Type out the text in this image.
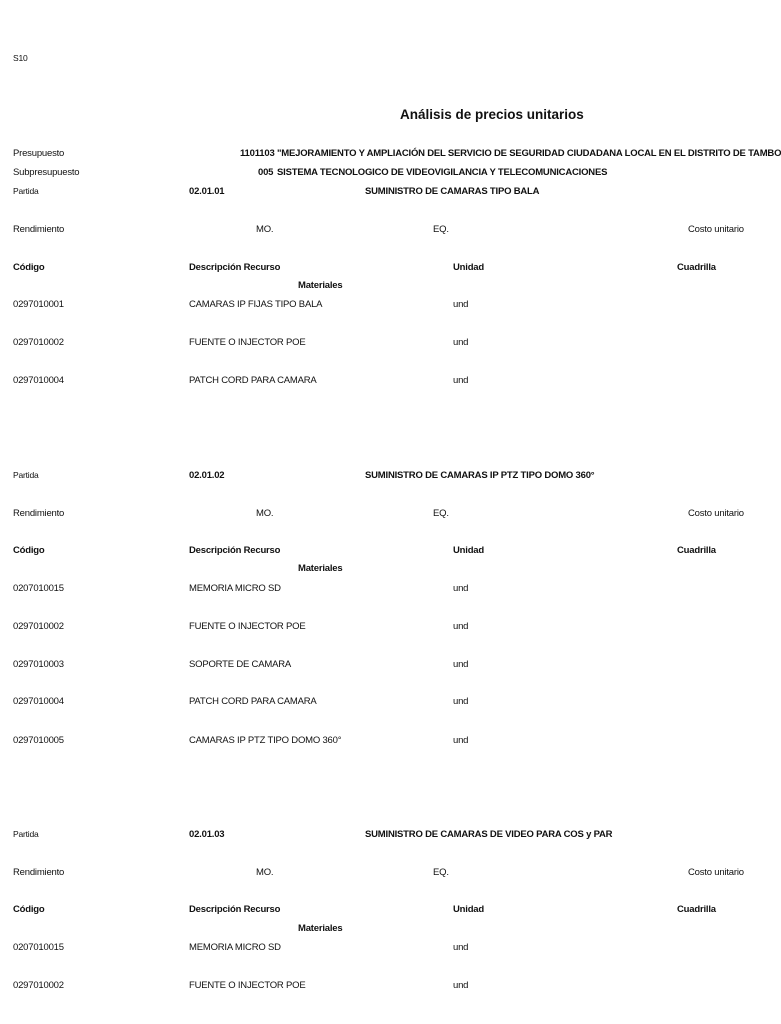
S10
Análisis de precios unitarios
Presupuesto	1101103 "MEJORAMIENTO Y AMPLIACIÓN DEL SERVICIO DE SEGURIDAD CIUDADANA LOCAL EN EL DISTRITO DE TAMBO
Subpresupuesto	005 SISTEMA TECNOLOGICO DE VIDEOVIGILANCIA Y TELECOMUNICACIONES
Partida	02.01.01	SUMINISTRO DE CAMARAS TIPO BALA
Rendimiento	MO.	EQ.	Costo unitario
Código	Descripción Recurso	Unidad	Cuadrilla
Materiales
0297010001	CAMARAS IP FIJAS TIPO BALA	und
0297010002	FUENTE O INJECTOR POE	und
0297010004	PATCH CORD PARA CAMARA	und
Partida	02.01.02	SUMINISTRO DE CAMARAS IP PTZ TIPO DOMO 360°
Rendimiento	MO.	EQ.	Costo unitario
Código	Descripción Recurso	Unidad	Cuadrilla
Materiales
0207010015	MEMORIA MICRO SD	und
0297010002	FUENTE O INJECTOR POE	und
0297010003	SOPORTE DE CAMARA	und
0297010004	PATCH CORD PARA CAMARA	und
0297010005	CAMARAS IP PTZ TIPO DOMO 360°	und
Partida	02.01.03	SUMINISTRO DE CAMARAS DE VIDEO PARA COS y PAR
Rendimiento	MO.	EQ.	Costo unitario
Código	Descripción Recurso	Unidad	Cuadrilla
Materiales
0207010015	MEMORIA MICRO SD	und
0297010002	FUENTE O INJECTOR POE	und
